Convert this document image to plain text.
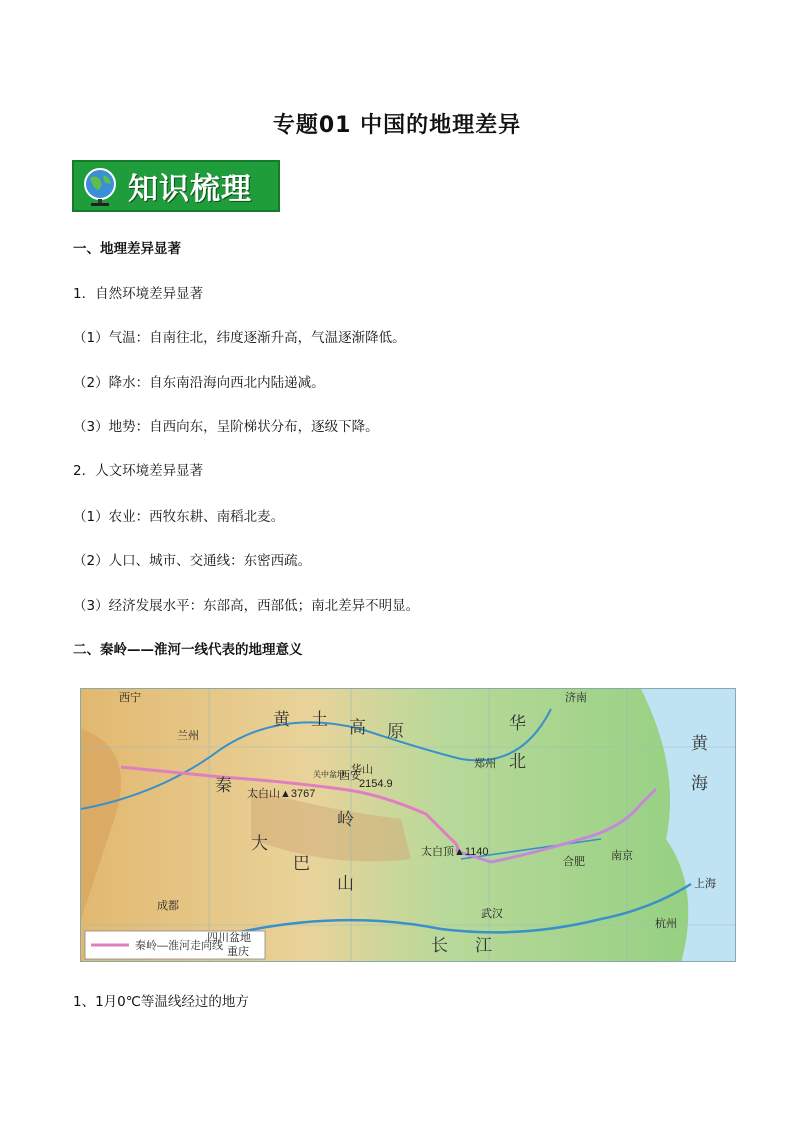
专题01 中国的地理差异
知识梳理
一、地理差异显著
1．自然环境差异显著
（1）气温：自南往北，纬度逐渐升高，气温逐渐降低。
（2）降水：自东南沿海向西北内陆递减。
（3）地势：自西向东，呈阶梯状分布，逐级下降。
2．人文环境差异显著
（1）农业：西牧东耕、南稻北麦。
（2）人口、城市、交通线：东密西疏。
（3）经济发展水平：东部高，西部低；南北差异不明显。
二、秦岭——淮河一线代表的地理意义
秦岭—淮河走向线
西宁
兰州
济南
郑州
西安
合肥 南京
上海
武汉
杭州
成都
重庆
四川盆地
太白顶▲1140
太白山▲3767
2154.9
华山
关中盆地
黄 土 高 原	华
北
秦
岭
大
巴
山
黄
海
长 江
1、1月0℃等温线经过的地方
